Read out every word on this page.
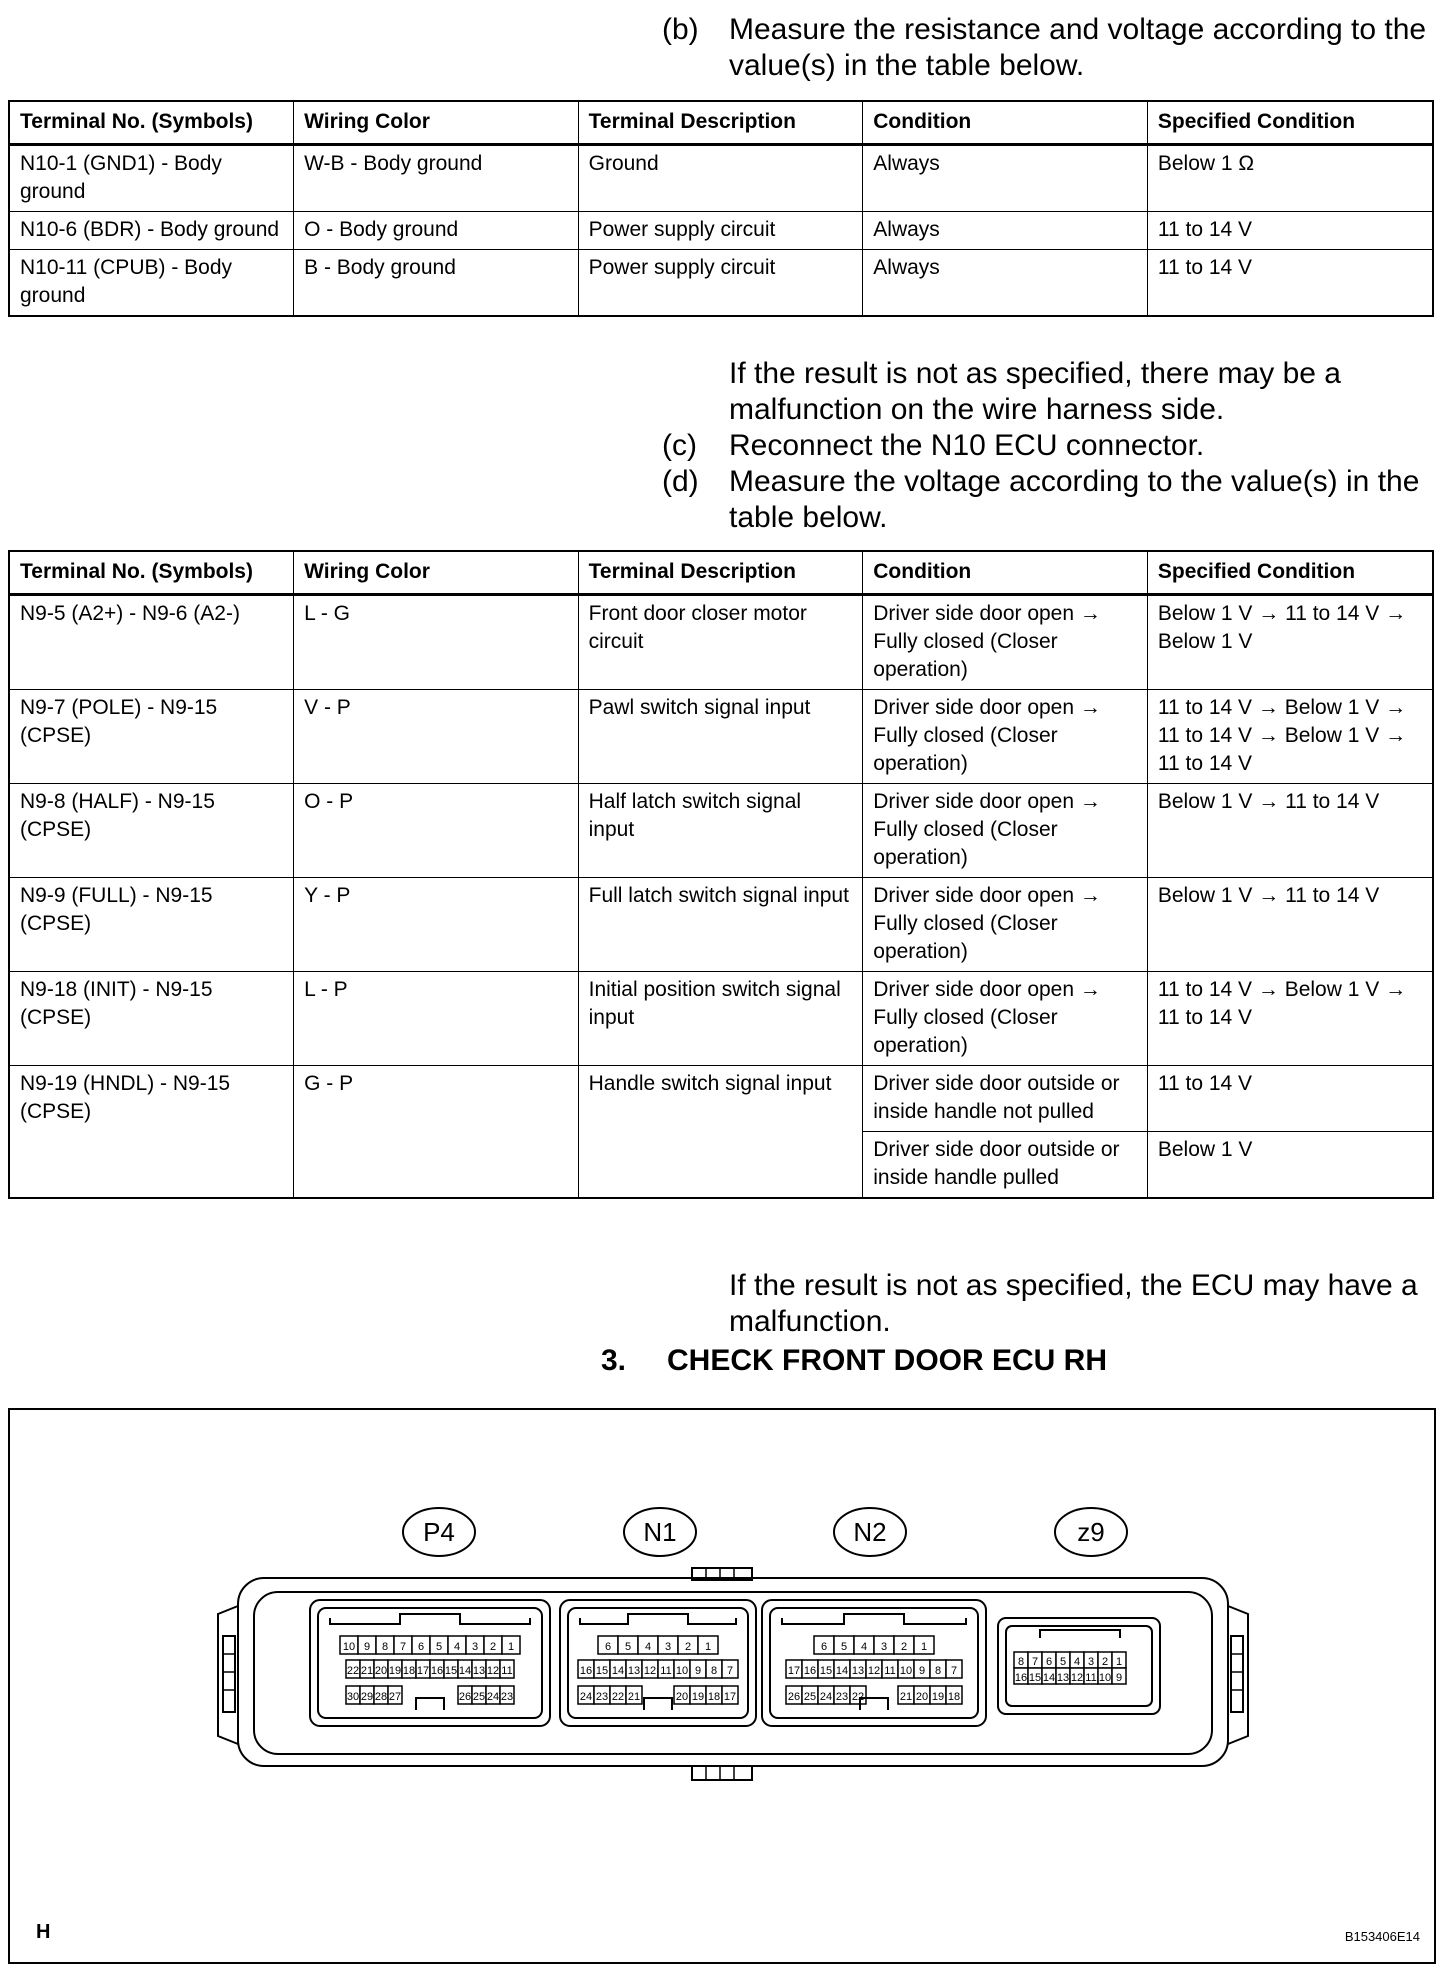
(b) Measure the resistance and voltage according to the value(s) in the table below.
Terminal No. (Symbols)	Wiring Color	Terminal Description	Condition	Specified Condition
N10-1 (GND1) - Body ground	W-B - Body ground	Ground	Always	Below 1 Ω
N10-6 (BDR) - Body ground	O - Body ground	Power supply circuit	Always	11 to 14 V
N10-11 (CPUB) - Body ground	B - Body ground	Power supply circuit	Always	11 to 14 V
If the result is not as specified, there may be a malfunction on the wire harness side.
(c) Reconnect the N10 ECU connector.
(d) Measure the voltage according to the value(s) in the table below.
Terminal No. (Symbols)	Wiring Color	Terminal Description	Condition	Specified Condition
N9-5 (A2+) - N9-6 (A2-)	L - G	Front door closer motor circuit	Driver side door open → Fully closed (Closer operation)	Below 1 V → 11 to 14 V → Below 1 V
N9-7 (POLE) - N9-15 (CPSE)	V - P	Pawl switch signal input	Driver side door open → Fully closed (Closer operation)	11 to 14 V → Below 1 V → 11 to 14 V → Below 1 V → 11 to 14 V
N9-8 (HALF) - N9-15 (CPSE)	O - P	Half latch switch signal input	Driver side door open → Fully closed (Closer operation)	Below 1 V → 11 to 14 V
N9-9 (FULL) - N9-15 (CPSE)	Y - P	Full latch switch signal input	Driver side door open → Fully closed (Closer operation)	Below 1 V → 11 to 14 V
N9-18 (INIT) - N9-15 (CPSE)	L - P	Initial position switch signal input	Driver side door open → Fully closed (Closer operation)	11 to 14 V → Below 1 V → 11 to 14 V
N9-19 (HNDL) - N9-15 (CPSE)	G - P	Handle switch signal input	Driver side door outside or inside handle not pulled	11 to 14 V
			Driver side door outside or inside handle pulled	Below 1 V
If the result is not as specified, the ECU may have a malfunction.
3. CHECK FRONT DOOR ECU RH
P4	N1	N2	z9
10 9 8 7 6 5 4 3 2 1
22 21 20 19 18 17 16 15 14 13 12 11
30 29 28 27	26 25 24 23
6 5 4 3 2 1
16 15 14 13 12 11 10 9 8 7
24 23 22 21	20 19 18 17
6 5 4 3 2 1
17 16 15 14 13 12 11 10 9 8 7
26 25 24 23 22	21 20 19 18
8 7 6 5 4 3 2 1
16 15 14 13 12 11 10 9
H	B153406E14
